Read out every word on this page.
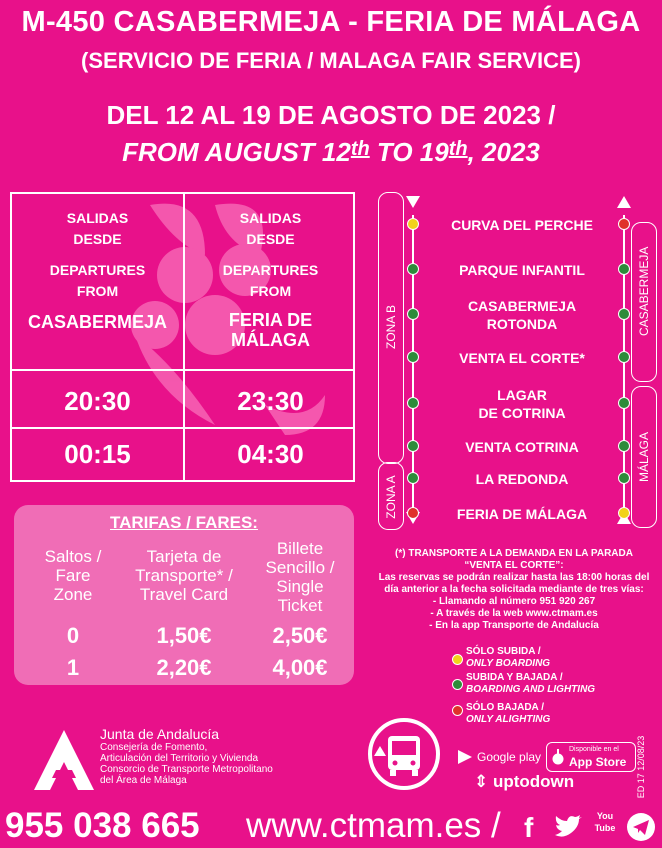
M-450 CASABERMEJA - FERIA DE MÁLAGA
(SERVICIO DE FERIA / MALAGA FAIR SERVICE)
DEL 12 AL 19 DE AGOSTO DE 2023 /
FROM AUGUST 12th TO 19th, 2023
SALIDAS
DESDE
DEPARTURES
FROM
CASABERMEJA
SALIDAS
DESDE
DEPARTURES
FROM
FERIA DE
MÁLAGA
20:30	23:30
00:15	04:30
TARIFAS / FARES:
Saltos /
Fare
Zone
Tarjeta de
Transporte* /
Travel Card
Billete
Sencillo /
Single
Ticket
0	1,50€	2,50€
1	2,20€	4,00€
ZONA B
ZONA A
CASABERMEJA
MÁLAGA
CURVA DEL PERCHE
PARQUE INFANTIL
CASABERMEJA
ROTONDA
VENTA EL CORTE*
LAGAR
DE COTRINA
VENTA COTRINA
LA REDONDA
FERIA DE MÁLAGA
(*) TRANSPORTE A LA DEMANDA EN LA PARADA
“VENTA EL CORTE”:
Las reservas se podrán realizar hasta las 18:00 horas del
día anterior a la fecha solicitada mediante de tres vías:
- Llamando al número 951 920 267
- A través de la web www.ctmam.es
- En la app Transporte de Andalucía
SÓLO SUBIDA /
ONLY BOARDING
SUBIDA Y BAJADA /
BOARDING AND LIGHTING
SÓLO BAJADA /
ONLY ALIGHTING
Junta de Andalucía
Consejería de Fomento,
Articulación del Territorio y Vivienda
Consorcio de Transporte Metropolitano
del Área de Málaga
Google play
Disponible en el
App Store
⇕ uptodown	ED 17 12/08/23
955 038 665 www.ctmam.es / f	You Tube
